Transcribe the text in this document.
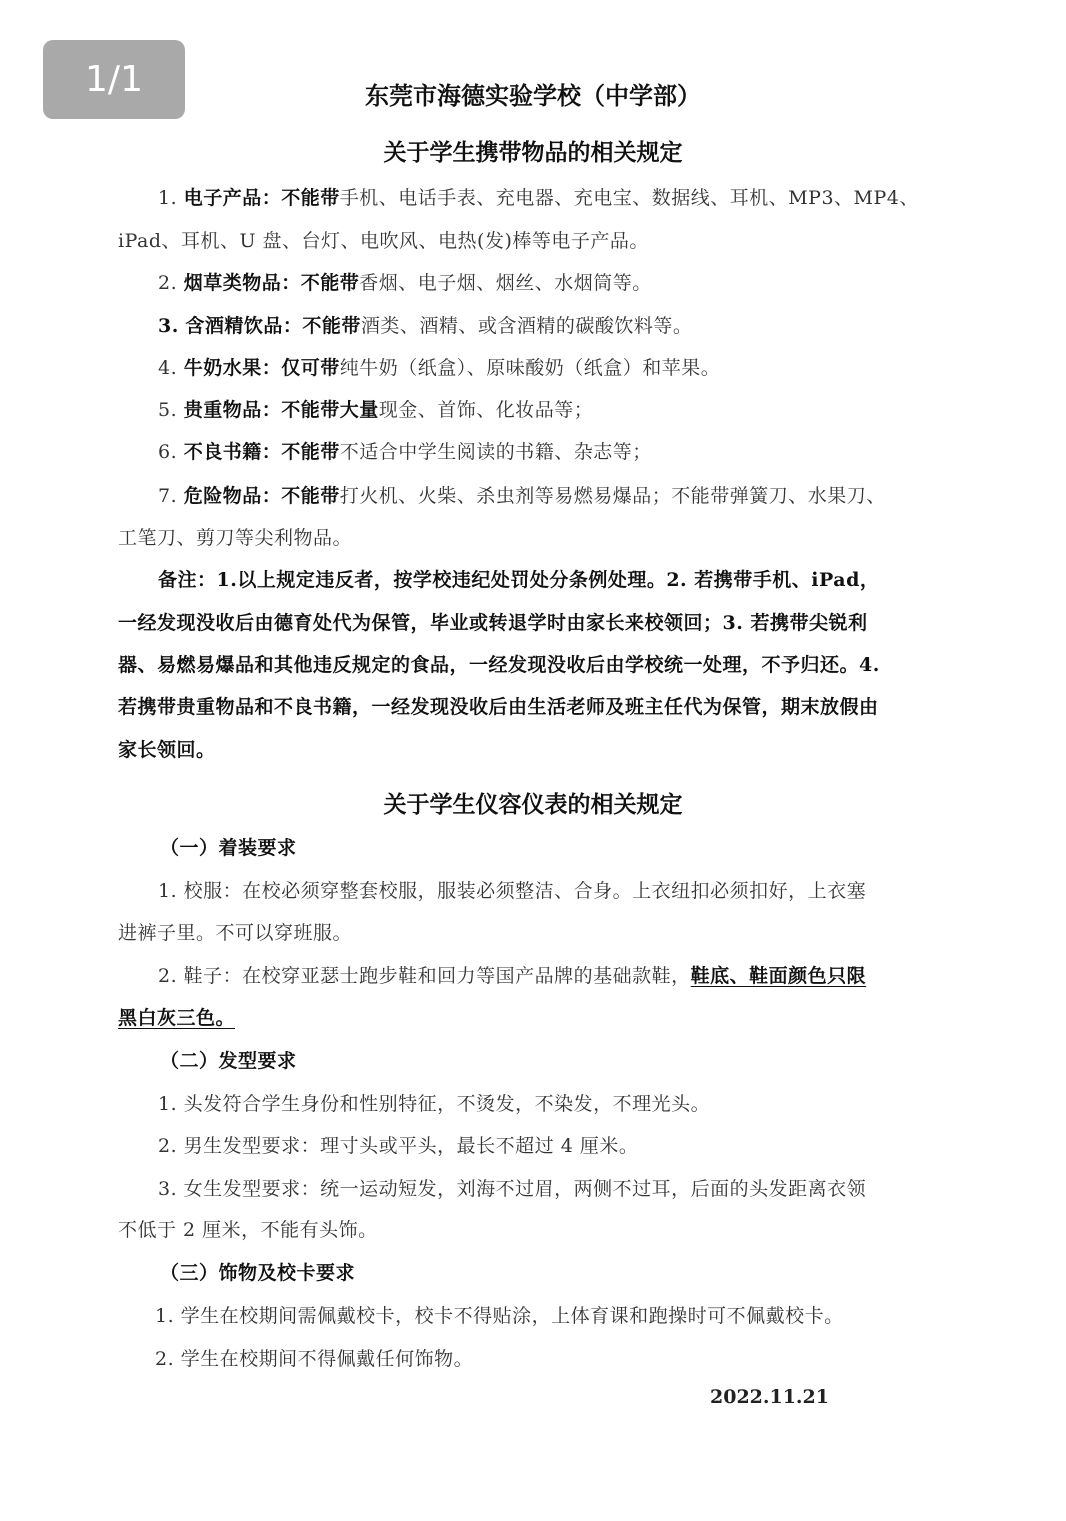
1/1	东莞市海德实验学校（中学部）
关于学生携带物品的相关规定
1. 电子产品：不能带手机、电话手表、充电器、充电宝、数据线、耳机、MP3、MP4、
iPad、耳机、U 盘、台灯、电吹风、电热(发)棒等电子产品。
2. 烟草类物品：不能带香烟、电子烟、烟丝、水烟筒等。
3. 含酒精饮品：不能带酒类、酒精、或含酒精的碳酸饮料等。
4. 牛奶水果：仅可带纯牛奶（纸盒）、原味酸奶（纸盒）和苹果。
5. 贵重物品：不能带大量现金、首饰、化妆品等；
6. 不良书籍：不能带不适合中学生阅读的书籍、杂志等；
7. 危险物品：不能带打火机、火柴、杀虫剂等易燃易爆品；不能带弹簧刀、水果刀、
工笔刀、剪刀等尖利物品。
备注：1.以上规定违反者，按学校违纪处罚处分条例处理。2. 若携带手机、iPad，
一经发现没收后由德育处代为保管，毕业或转退学时由家长来校领回；3. 若携带尖锐利
器、易燃易爆品和其他违反规定的食品，一经发现没收后由学校统一处理，不予归还。4.
若携带贵重物品和不良书籍，一经发现没收后由生活老师及班主任代为保管，期末放假由
家长领回。
关于学生仪容仪表的相关规定
（一）着装要求
1. 校服：在校必须穿整套校服，服装必须整洁、合身。上衣纽扣必须扣好，上衣塞
进裤子里。不可以穿班服。
2. 鞋子：在校穿亚瑟士跑步鞋和回力等国产品牌的基础款鞋，鞋底、鞋面颜色只限
黑白灰三色。
（二）发型要求
1. 头发符合学生身份和性别特征，不烫发，不染发，不理光头。
2. 男生发型要求：理寸头或平头，最长不超过 4 厘米。
3. 女生发型要求：统一运动短发，刘海不过眉，两侧不过耳，后面的头发距离衣领
不低于 2 厘米，不能有头饰。
（三）饰物及校卡要求
1. 学生在校期间需佩戴校卡，校卡不得贴涂，上体育课和跑操时可不佩戴校卡。
2. 学生在校期间不得佩戴任何饰物。
2022.11.21
